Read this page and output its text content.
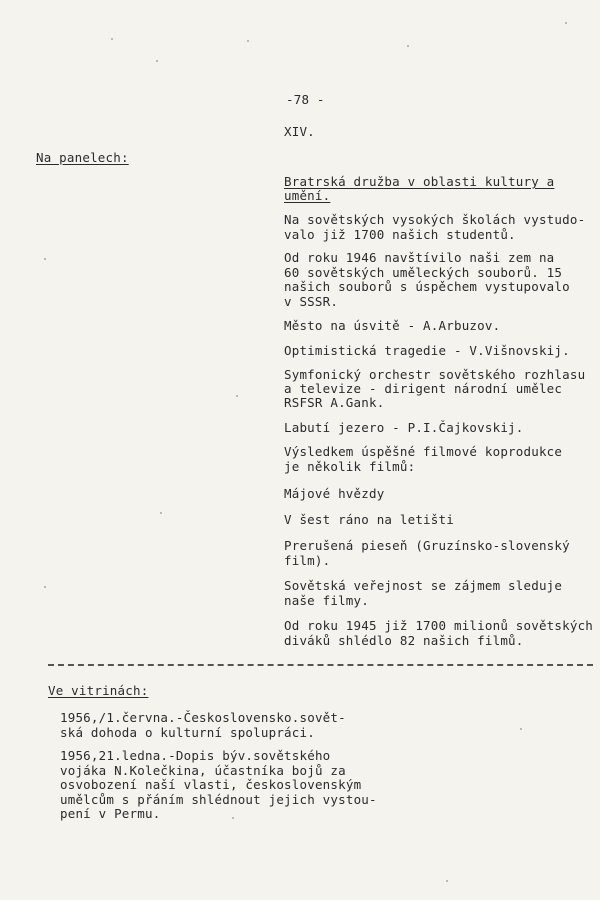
-78 -
XIV.
Na panelech:
Bratrská družba v oblasti kultury a
umění.
Na sovětských vysokých školách vystudo-
valo již 1700 našich studentů.
Od roku 1946 navštívilo naši zem na
60 sovětských uměleckých souborů. 15
našich souborů s úspěchem vystupovalo
v SSSR.
Město na úsvitě - A.Arbuzov.
Optimistická tragedie - V.Višnovskij.
Symfonický orchestr sovětského rozhlasu
a televize - dirigent národní umělec
RSFSR A.Gank.
Labutí jezero - P.I.Čajkovskij.
Výsledkem úspěšné filmové koprodukce
je několik filmů:
Májové hvězdy
V šest ráno na letišti
Prerušená pieseň (Gruzínsko-slovenský
film).
Sovětská veřejnost se zájmem sleduje
naše filmy.
Od roku 1945 již 1700 milionů sovětských
diváků shlédlo 82 našich filmů.
Ve vitrinách:
1956,/1.června.-Československo.sovět-
ská dohoda o kulturní spolupráci.
1956,21.ledna.-Dopis býv.sovětského
vojáka N.Kolečkina, účastníka bojů za
osvobození naší vlasti, československým
umělcům s přáním shlédnout jejich vystou-
pení v Permu.
